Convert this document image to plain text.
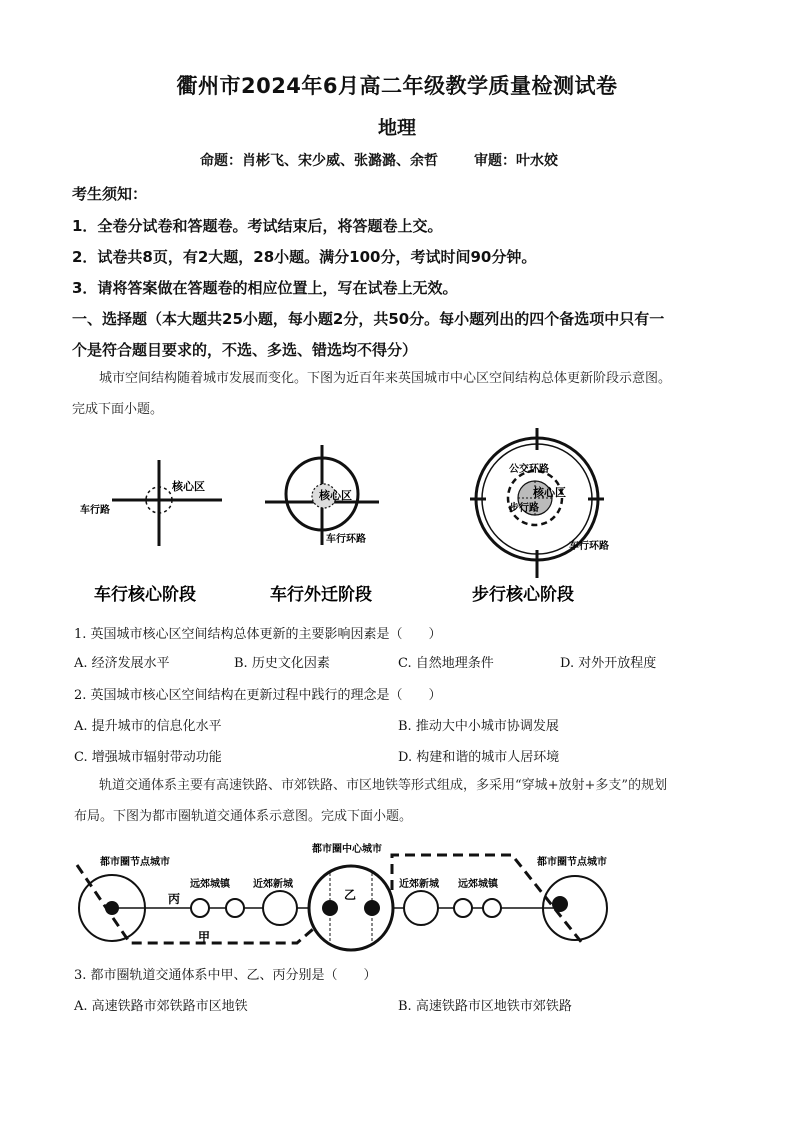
衢州市2024年6月高二年级教学质量检测试卷
地理
命题：肖彬飞、宋少威、张潞潞、余哲	审题：叶水姣
考生须知：
1．全卷分试卷和答题卷。考试结束后，将答题卷上交。
2．试卷共8页，有2大题，28小题。满分100分，考试时间90分钟。
3．请将答案做在答题卷的相应位置上，写在试卷上无效。
一、选择题（本大题共25小题，每小题2分，共50分。每小题列出的四个备选项中只有一
个是符合题目要求的，不选、多选、错选均不得分）
城市空间结构随着城市发展而变化。下图为近百年来英国城市中心区空间结构总体更新阶段示意图。
完成下面小题。
核心区
车行路
车行核心阶段
核心区
车行环路
车行外迁阶段
公交环路
核心区
步行路
车行环路
步行核心阶段
1. 英国城市核心区空间结构总体更新的主要影响因素是（　　）
A. 经济发展水平	B. 历史文化因素	C. 自然地理条件	D. 对外开放程度
2. 英国城市核心区空间结构在更新过程中践行的理念是（　　）
A. 提升城市的信息化水平	B. 推动大中小城市协调发展
C. 增强城市辐射带动功能	D. 构建和谐的城市人居环境
轨道交通体系主要有高速铁路、市郊铁路、市区地铁等形式组成，多采用“穿城+放射+多支”的规划
布局。下图为都市圈轨道交通体系示意图。完成下面小题。
都市圈节点城市
远郊城镇 近郊新城
都市圈中心城市
近郊新城 远郊城镇
都市圈节点城市
丙	乙
甲
3. 都市圈轨道交通体系中甲、乙、丙分别是（　　）
A. 高速铁路市郊铁路市区地铁	B. 高速铁路市区地铁市郊铁路
